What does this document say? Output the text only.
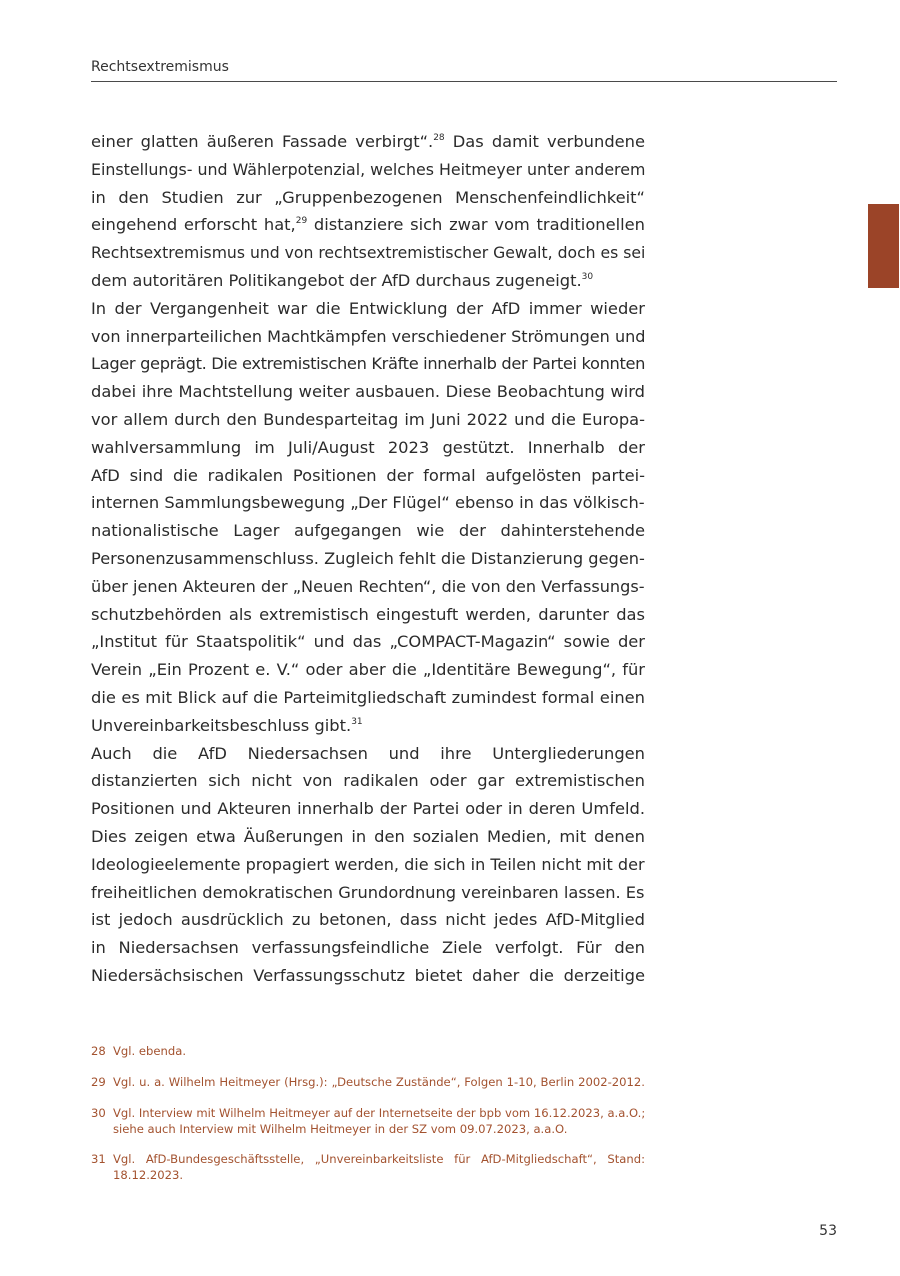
Rechtsextremismus
einer glatten äußeren Fassade verbirgt“.$^{28}$ Das damit verbundene
Einstellungs- und Wählerpotenzial, welches Heitmeyer unter anderem
in den Studien zur „Gruppenbezogenen Menschenfeindlichkeit“
eingehend erforscht hat,$^{29}$ distanziere sich zwar vom traditionellen
Rechtsextremismus und von rechtsextremistischer Gewalt, doch es sei
dem autoritären Politikangebot der AfD durchaus zugeneigt.$^{30}$
In der Vergangenheit war die Entwicklung der AfD immer wieder
von innerparteilichen Machtkämpfen verschiedener Strömungen und
Lager geprägt. Die extremistischen Kräfte innerhalb der Partei konnten
dabei ihre Machtstellung weiter ausbauen. Diese Beobachtung wird
vor allem durch den Bundesparteitag im Juni 2022 und die Europa-
wahlversammlung im Juli/August 2023 gestützt. Innerhalb der
AfD sind die radikalen Positionen der formal aufgelösten partei-
internen Sammlungsbewegung „Der Flügel“ ebenso in das völkisch-
nationalistische Lager aufgegangen wie der dahinterstehende
Personenzusammenschluss. Zugleich fehlt die Distanzierung gegen-
über jenen Akteuren der „Neuen Rechten“, die von den Verfassungs-
schutzbehörden als extremistisch eingestuft werden, darunter das
„Institut für Staatspolitik“ und das „COMPACT-Magazin“ sowie der
Verein „Ein Prozent e. V.“ oder aber die „Identitäre Bewegung“, für
die es mit Blick auf die Parteimitgliedschaft zumindest formal einen
Unvereinbarkeitsbeschluss gibt.$^{31}$
Auch die AfD Niedersachsen und ihre Untergliederungen
distanzierten sich nicht von radikalen oder gar extremistischen
Positionen und Akteuren innerhalb der Partei oder in deren Umfeld.
Dies zeigen etwa Äußerungen in den sozialen Medien, mit denen
Ideologieelemente propagiert werden, die sich in Teilen nicht mit der
freiheitlichen demokratischen Grundordnung vereinbaren lassen. Es
ist jedoch ausdrücklich zu betonen, dass nicht jedes AfD-Mitglied
in Niedersachsen verfassungsfeindliche Ziele verfolgt. Für den
Niedersächsischen Verfassungsschutz bietet daher die derzeitige
28 Vgl. ebenda.
29 Vgl. u. a. Wilhelm Heitmeyer (Hrsg.): „Deutsche Zustände“, Folgen 1-10, Berlin 2002-2012.
30 Vgl. Interview mit Wilhelm Heitmeyer auf der Internetseite der bpb vom 16.12.2023, a.a.O.;
siehe auch Interview mit Wilhelm Heitmeyer in der SZ vom 09.07.2023, a.a.O.
31 Vgl. AfD-Bundesgeschäftsstelle, „Unvereinbarkeitsliste für AfD-Mitgliedschaft“, Stand:
18.12.2023.
53
